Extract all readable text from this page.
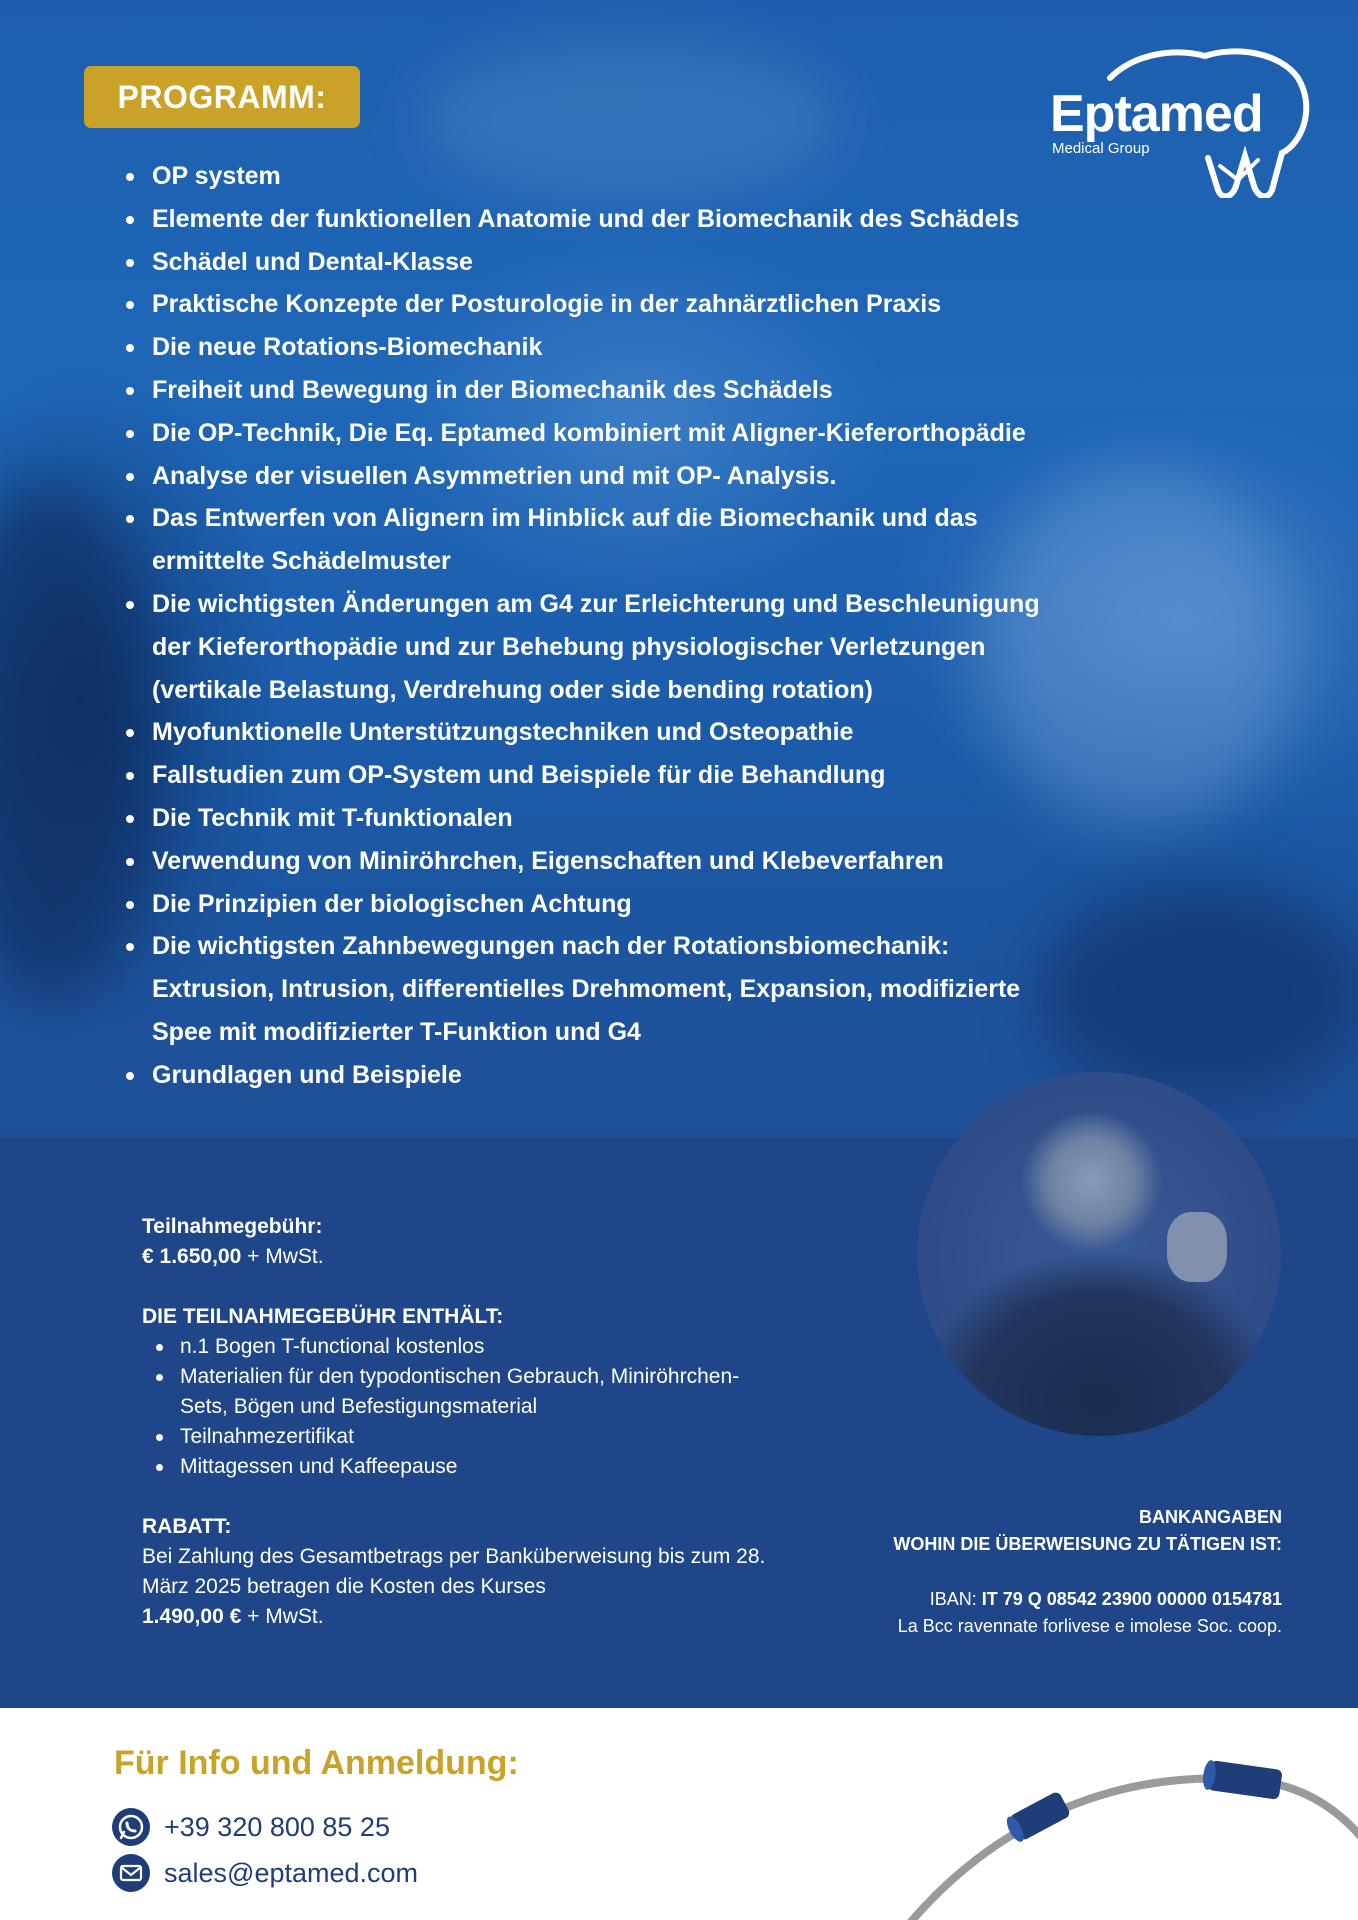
PROGRAMM:	Eptamed
Medical Group
OP system
Elemente der funktionellen Anatomie und der Biomechanik des Schädels
Schädel und Dental-Klasse
Praktische Konzepte der Posturologie in der zahnärztlichen Praxis
Die neue Rotations-Biomechanik
Freiheit und Bewegung in der Biomechanik des Schädels
Die OP-Technik, Die Eq. Eptamed kombiniert mit Aligner-Kieferorthopädie
Analyse der visuellen Asymmetrien und mit OP- Analysis.
Das Entwerfen von Alignern im Hinblick auf die Biomechanik und das ermittelte Schädelmuster
Die wichtigsten Änderungen am G4 zur Erleichterung und Beschleunigung der Kieferorthopädie und zur Behebung physiologischer Verletzungen (vertikale Belastung, Verdrehung oder side bending rotation)
Myofunktionelle Unterstützungstechniken und Osteopathie
Fallstudien zum OP-System und Beispiele für die Behandlung
Die Technik mit T-funktionalen
Verwendung von Miniröhrchen, Eigenschaften und Klebeverfahren
Die Prinzipien der biologischen Achtung
Die wichtigsten Zahnbewegungen nach der Rotationsbiomechanik: Extrusion, Intrusion, differentielles Drehmoment, Expansion, modifizierte Spee mit modifizierter T-Funktion und G4
Grundlagen und Beispiele
Teilnahmegebühr:
€ 1.650,00 + MwSt.
DIE TEILNAHMEGEBÜHR ENTHÄLT:
n.1 Bogen T-functional kostenlos
Materialien für den typodontischen Gebrauch, Miniröhrchen-Sets, Bögen und Befestigungsmaterial
Teilnahmezertifikat
Mittagessen und Kaffeepause
RABATT:
Bei Zahlung des Gesamtbetrags per Banküberweisung bis zum 28. März 2025 betragen die Kosten des Kurses
1.490,00 € + MwSt.
BANKANGABEN
WOHIN DIE ÜBERWEISUNG ZU TÄTIGEN IST:
IBAN: IT 79 Q 08542 23900 00000 0154781
La Bcc ravennate forlivese e imolese Soc. coop.
Für Info und Anmeldung:
+39 320 800 85 25
sales@eptamed.com
